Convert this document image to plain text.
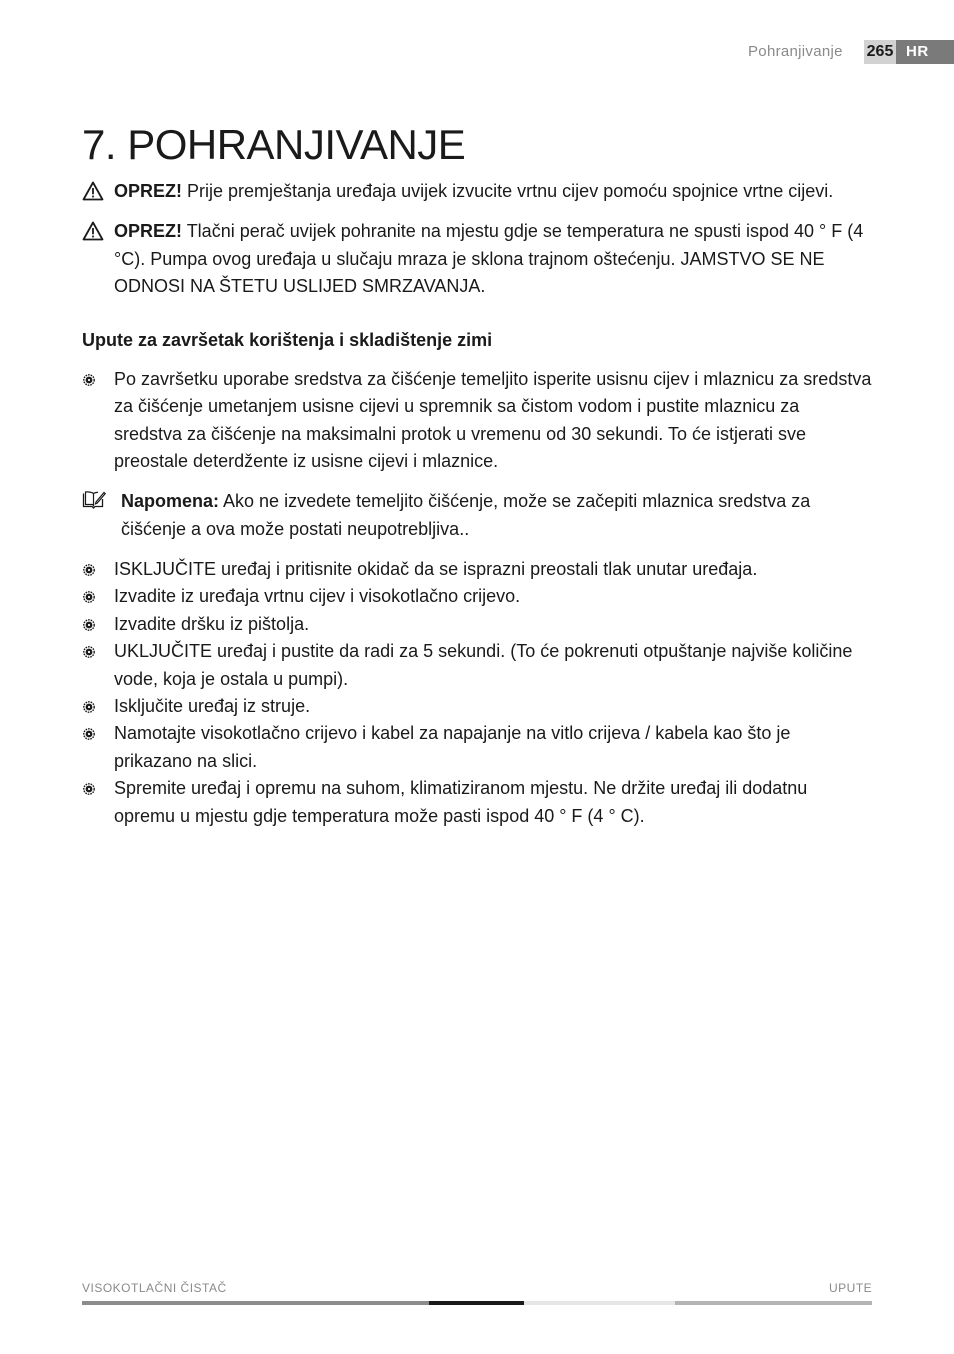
Pohranjivanje 265 HR
7. POHRANJIVANJE
OPREZ! Prije premještanja uređaja uvijek izvucite vrtnu cijev pomoću spojnice vrtne cijevi.
OPREZ! Tlačni perač uvijek pohranite na mjestu gdje se temperatura ne spusti ispod 40 ° F (4 °C). Pumpa ovog uređaja u slučaju mraza je sklona trajnom oštećenju. JAMSTVO SE NE ODNOSI NA ŠTETU USLIJED SMRZAVANJA.
Upute za završetak korištenja i skladištenje zimi
Po završetku uporabe sredstva za čišćenje temeljito isperite usisnu cijev i mlaznicu za sredstva za čišćenje umetanjem usisne cijevi u spremnik sa čistom vodom i pustite mlaznicu za sredstva za čišćenje na maksimalni protok u vremenu od 30 sekundi. To će istjerati sve preostale deterdžente iz usisne cijevi i mlaznice.
Napomena: Ako ne izvedete temeljito čišćenje, može se začepiti mlaznica sredstva za čišćenje a ova može postati neupotrebljiva..
ISKLJUČITE uređaj i pritisnite okidač da se isprazni preostali tlak unutar uređaja.
Izvadite iz uređaja vrtnu cijev i visokotlačno crijevo.
Izvadite dršku iz pištolja.
UKLJUČITE uređaj i pustite da radi za 5 sekundi. (To će pokrenuti otpuštanje najviše količine vode, koja je ostala u pumpi).
Isključite uređaj iz struje.
Namotajte visokotlačno crijevo i kabel za napajanje na vitlo crijeva / kabela kao što je prikazano na slici.
Spremite uređaj i opremu na suhom, klimatiziranom mjestu. Ne držite uređaj ili dodatnu opremu u mjestu gdje temperatura može pasti ispod 40 ° F (4 ° C).
VISOKOTLAČNI ČISTAČ	UPUTE
